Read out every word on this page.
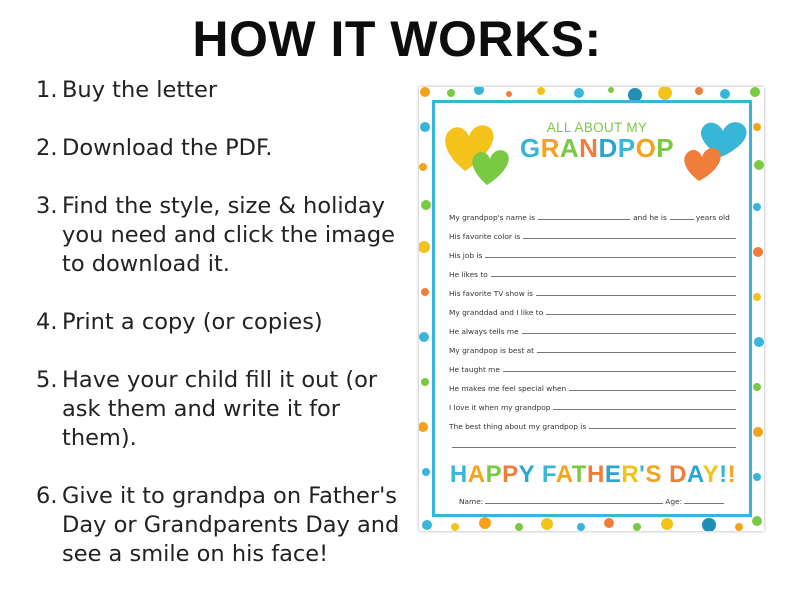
HOW IT WORKS:
1. Buy the letter
2. Download the PDF.
3. Find the style, size & holiday you need and click the image to download it.
4. Print a copy (or copies)
5. Have your child fill it out (or ask them and write it for them).
6. Give it to grandpa on Father's Day or Grandparents Day and see a smile on his face!
ALL ABOUT MY
GRANDPOP
My grandpop's name is	and he is	years old
His favorite color is
His job is
He likes to
His favorite TV show is
My granddad and I like to
He always tells me
My grandpop is best at
He taught me
He makes me feel special when
I love it when my grandpop
The best thing about my grandpop is
HAPPY FATHER'S DAY!!
Name:	Age:
